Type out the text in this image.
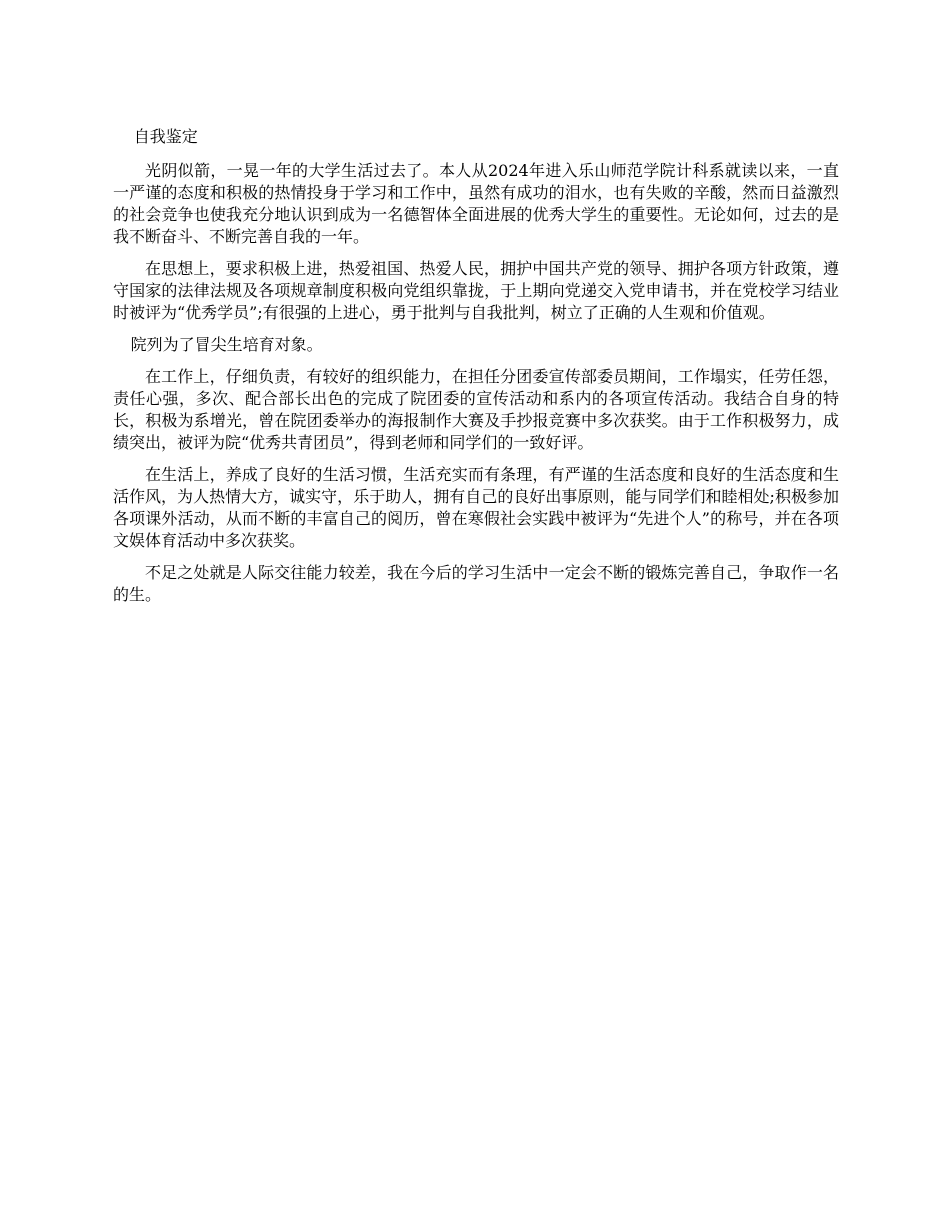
自我鉴定

光阴似箭，一晃一年的大学生活过去了。本人从2024年进入乐山师范学院计科系就读以来，一直一严谨的态度和积极的热情投身于学习和工作中，虽然有成功的泪水，也有失败的辛酸，然而日益激烈的社会竞争也使我充分地认识到成为一名德智体全面进展的优秀大学生的重要性。无论如何，过去的是我不断奋斗、不断完善自我的一年。

在思想上，要求积极上进，热爱祖国、热爱人民，拥护中国共产党的领导、拥护各项方针政策，遵守国家的法律法规及各项规章制度积极向党组织靠拢，于上期向党递交入党申请书，并在党校学习结业时被评为“优秀学员”;有很强的上进心，勇于批判与自我批判，树立了正确的人生观和价值观。

院列为了冒尖生培育对象。

在工作上，仔细负责，有较好的组织能力，在担任分团委宣传部委员期间，工作塌实，任劳任怨，责任心强，多次、配合部长出色的完成了院团委的宣传活动和系内的各项宣传活动。我结合自身的特长，积极为系增光，曾在院团委举办的海报制作大赛及手抄报竞赛中多次获奖。由于工作积极努力，成绩突出，被评为院“优秀共青团员”，得到老师和同学们的一致好评。

在生活上，养成了良好的生活习惯，生活充实而有条理，有严谨的生活态度和良好的生活态度和生活作风，为人热情大方，诚实守，乐于助人，拥有自己的良好出事原则，能与同学们和睦相处;积极参加各项课外活动，从而不断的丰富自己的阅历，曾在寒假社会实践中被评为“先进个人”的称号，并在各项文娱体育活动中多次获奖。

不足之处就是人际交往能力较差，我在今后的学习生活中一定会不断的锻炼完善自己，争取作一名的生。
